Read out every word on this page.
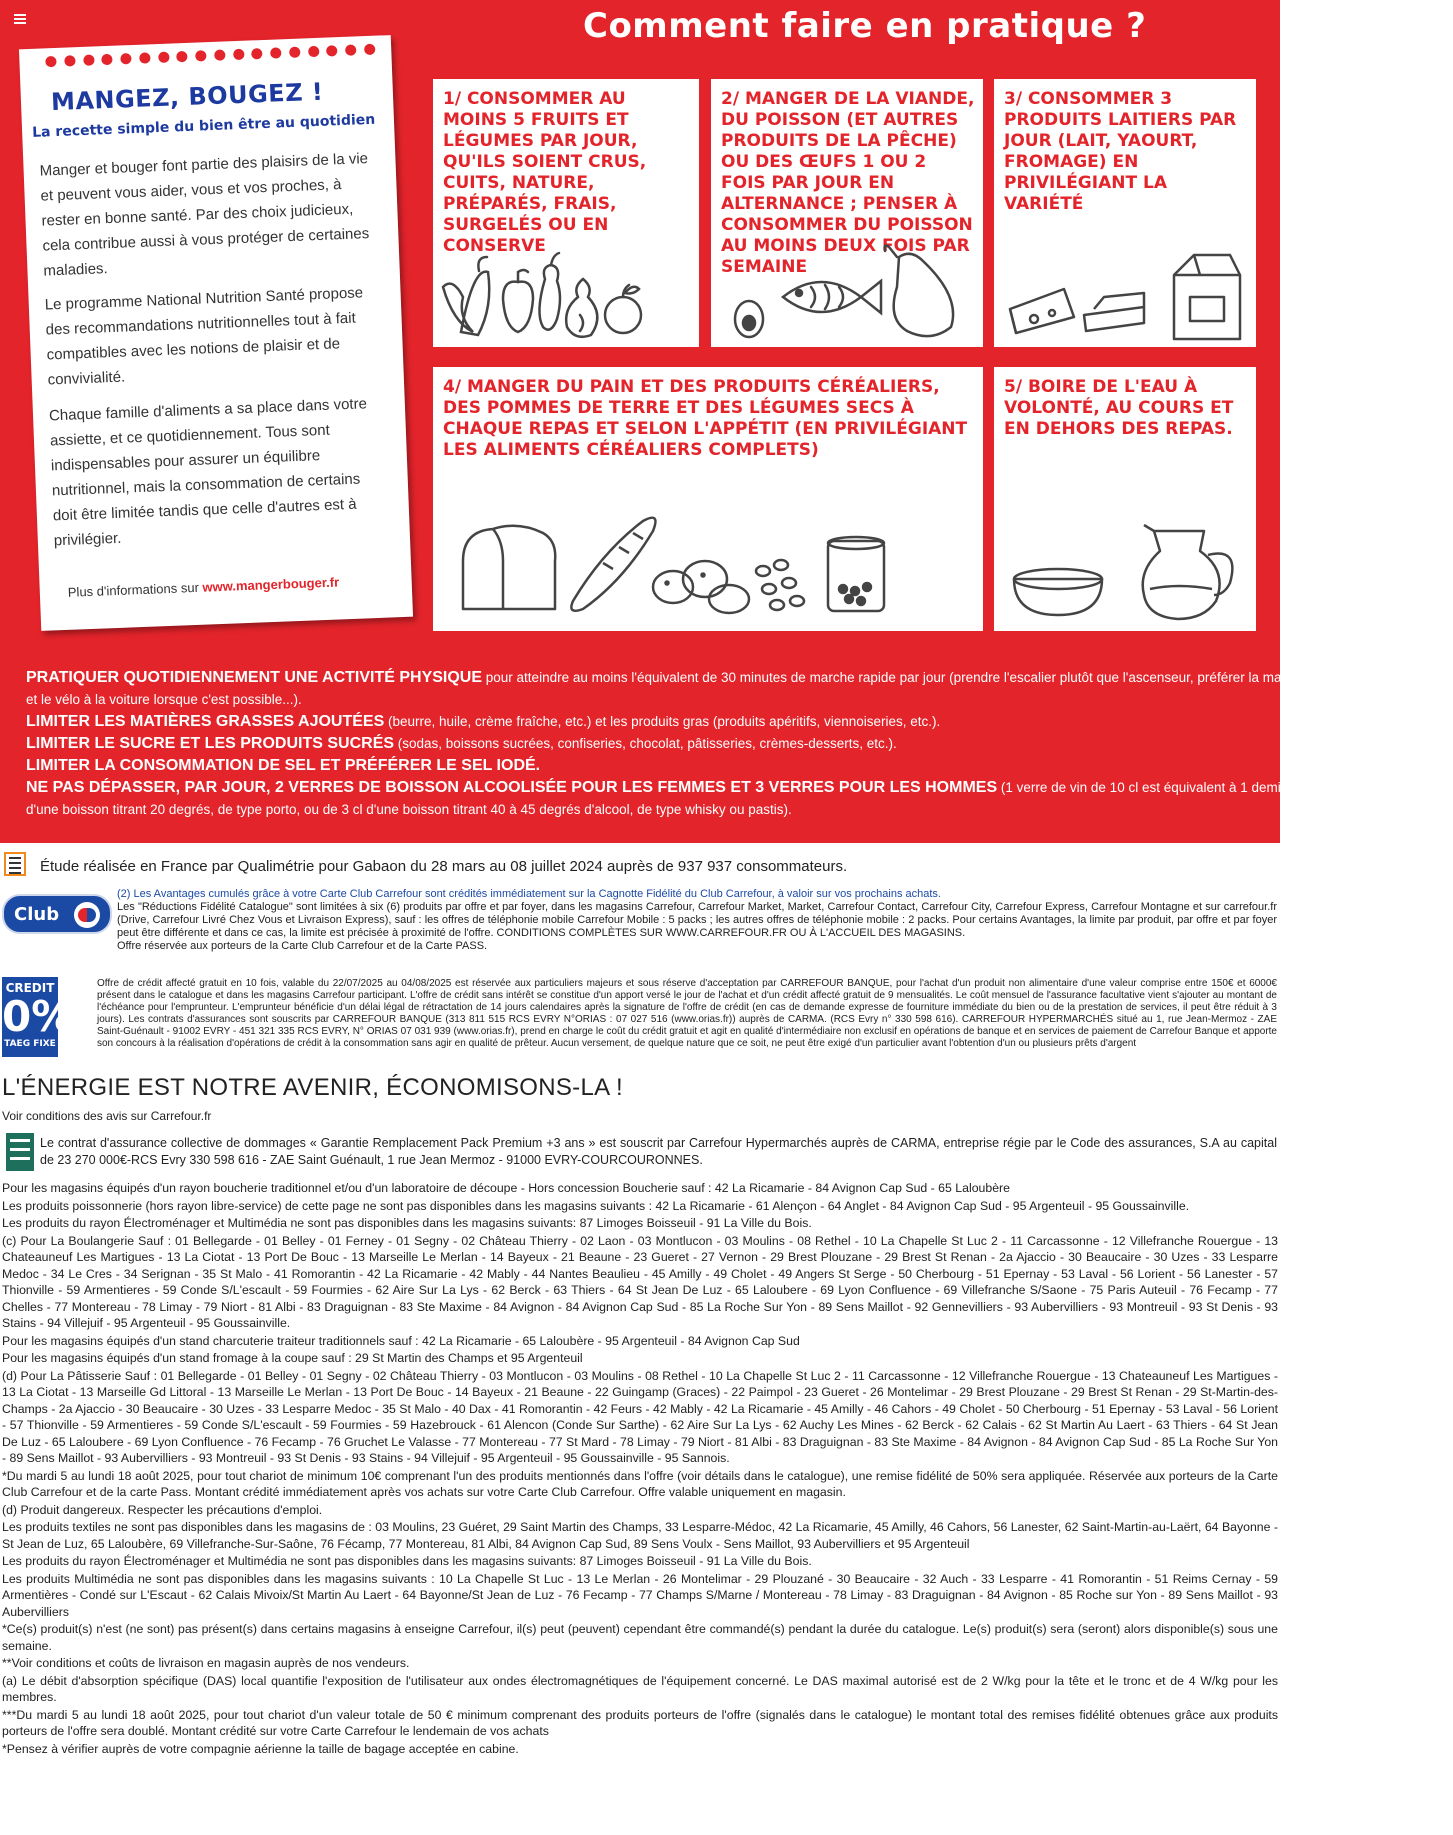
Comment faire en pratique ?
MANGEZ, BOUGEZ !
La recette simple du bien être au quotidien

Manger et bouger font partie des plaisirs de la vie et peuvent vous aider, vous et vos proches, à rester en bonne santé. Par des choix judicieux, cela contribue aussi à vous protéger de certaines maladies.

Le programme National Nutrition Santé propose des recommandations nutritionnelles tout à fait compatibles avec les notions de plaisir et de convivialité.

Chaque famille d'aliments a sa place dans votre assiette, et ce quotidiennement. Tous sont indispensables pour assurer un équilibre nutritionnel, mais la consommation de certains doit être limitée tandis que celle d'autres est à privilégier.

Plus d'informations sur www.mangerbouger.fr
1/ CONSOMMER AU MOINS 5 FRUITS ET LÉGUMES PAR JOUR, QU'ILS SOIENT CRUS, CUITS, NATURE, PRÉPARÉS, FRAIS, SURGELÉS OU EN CONSERVE
2/ MANGER DE LA VIANDE, DU POISSON (ET AUTRES PRODUITS DE LA PÊCHE) OU DES ŒUFS 1 OU 2 FOIS PAR JOUR EN ALTERNANCE ; PENSER À CONSOMMER DU POISSON AU MOINS DEUX FOIS PAR SEMAINE
3/ CONSOMMER 3 PRODUITS LAITIERS PAR JOUR (LAIT, YAOURT, FROMAGE) EN PRIVILÉGIANT LA VARIÉTÉ
4/ MANGER DU PAIN ET DES PRODUITS CÉRÉALIERS, DES POMMES DE TERRE ET DES LÉGUMES SECS À CHAQUE REPAS ET SELON L'APPÉTIT (EN PRIVILÉGIANT LES ALIMENTS CÉRÉALIERS COMPLETS)
5/ BOIRE DE L'EAU À VOLONTÉ, AU COURS ET EN DEHORS DES REPAS.
PRATIQUER QUOTIDIENNEMENT UNE ACTIVITÉ PHYSIQUE pour atteindre au moins l'équivalent de 30 minutes de marche rapide par jour (prendre l'escalier plutôt que l'ascenseur, préférer la marche
et le vélo à la voiture lorsque c'est possible...).
LIMITER LES MATIÈRES GRASSES AJOUTÉES (beurre, huile, crème fraîche, etc.) et les produits gras (produits apéritifs, viennoiseries, etc.).
LIMITER LE SUCRE ET LES PRODUITS SUCRÉS (sodas, boissons sucrées, confiseries, chocolat, pâtisseries, crèmes-desserts, etc.).
LIMITER LA CONSOMMATION DE SEL ET PRÉFÉRER LE SEL IODÉ.
NE PAS DÉPASSER, PAR JOUR, 2 VERRES DE BOISSON ALCOOLISÉE POUR LES FEMMES ET 3 VERRES POUR LES HOMMES (1 verre de vin de 10 cl est équivalent à 1 demi de bière ou à 1 verre de 6 cl
d'une boisson titrant 20 degrés, de type porto, ou de 3 cl d'une boisson titrant 40 à 45 degrés d'alcool, de type whisky ou pastis).
Étude réalisée en France par Qualimétrie pour Gabaon du 28 mars au 08 juillet 2024 auprès de 937 937 consommateurs.
Club
(2) Les Avantages cumulés grâce à votre Carte Club Carrefour sont crédités immédiatement sur la Cagnotte Fidélité du Club Carrefour, à valoir sur vos prochains achats.
Les "Réductions Fidélité Catalogue" sont limitées à six (6) produits par offre et par foyer, dans les magasins Carrefour, Carrefour Market, Market, Carrefour Contact, Carrefour City, Carrefour Express, Carrefour Montagne et sur carrefour.fr (Drive, Carrefour Livré Chez Vous et Livraison Express), sauf : les offres de téléphonie mobile Carrefour Mobile : 5 packs ; les autres offres de téléphonie mobile : 2 packs. Pour certains Avantages, la limite par produit, par offre et par foyer peut être différente et dans ce cas, la limite est précisée à proximité de l'offre. CONDITIONS COMPLÈTES SUR WWW.CARREFOUR.FR OU À L'ACCUEIL DES MAGASINS.
Offre réservée aux porteurs de la Carte Club Carrefour et de la Carte PASS.
CREDIT
0%
TAEG FIXE
Offre de crédit affecté gratuit en 10 fois, valable du 22/07/2025 au 04/08/2025 est réservée aux particuliers majeurs et sous réserve d'acceptation par CARREFOUR BANQUE, pour l'achat d'un produit non alimentaire d'une valeur comprise entre 150€ et 6000€ présent dans le catalogue et dans les magasins Carrefour participant. L'offre de crédit sans intérêt se constitue d'un apport versé le jour de l'achat et d'un crédit affecté gratuit de 9 mensualités. Le coût mensuel de l'assurance facultative vient s'ajouter au montant de l'échéance pour l'emprunteur. L'emprunteur bénéficie d'un délai légal de rétractation de 14 jours calendaires après la signature de l'offre de crédit (en cas de demande expresse de fourniture immédiate du bien ou de la prestation de services, il peut être réduit à 3 jours). Les contrats d'assurances sont souscrits par CARREFOUR BANQUE (313 811 515 RCS EVRY N°ORIAS : 07 027 516 (www.orias.fr)) auprès de CARMA. (RCS Evry n° 330 598 616). CARREFOUR HYPERMARCHÉS situé au 1, rue Jean-Mermoz - ZAE Saint-Guénault - 91002 EVRY - 451 321 335 RCS EVRY, N° ORIAS 07 031 939 (www.orias.fr), prend en charge le coût du crédit gratuit et agit en qualité d'intermédiaire non exclusif en opérations de banque et en services de paiement de Carrefour Banque et apporte son concours à la réalisation d'opérations de crédit à la consommation sans agir en qualité de prêteur. Aucun versement, de quelque nature que ce soit, ne peut être exigé d'un particulier avant l'obtention d'un ou plusieurs prêts d'argent
L'ÉNERGIE EST NOTRE AVENIR, ÉCONOMISONS-LA !
Voir conditions des avis sur Carrefour.fr
Le contrat d'assurance collective de dommages « Garantie Remplacement Pack Premium +3 ans » est souscrit par Carrefour Hypermarchés auprès de CARMA, entreprise régie par le Code des assurances, S.A au capital de 23 270 000€-RCS Evry 330 598 616 - ZAE Saint Guénault, 1 rue Jean Mermoz - 91000 EVRY-COURCOURONNES.

Pour les magasins équipés d'un rayon boucherie traditionnel et/ou d'un laboratoire de découpe - Hors concession Boucherie sauf : 42 La Ricamarie - 84 Avignon Cap Sud - 65 Laloubère

Les produits poissonnerie (hors rayon libre-service) de cette page ne sont pas disponibles dans les magasins suivants : 42 La Ricamarie - 61 Alençon - 64 Anglet - 84 Avignon Cap Sud - 95 Argenteuil - 95 Goussainville.

Les produits du rayon Électroménager et Multimédia ne sont pas disponibles dans les magasins suivants: 87 Limoges Boisseuil - 91 La Ville du Bois.

(c) Pour La Boulangerie Sauf : 01 Bellegarde - 01 Belley - 01 Ferney - 01 Segny - 02 Château Thierry - 02 Laon - 03 Montlucon - 03 Moulins - 08 Rethel - 10 La Chapelle St Luc 2 - 11 Carcassonne - 12 Villefranche Rouergue - 13 Chateauneuf Les Martigues - 13 La Ciotat - 13 Port De Bouc - 13 Marseille Le Merlan - 14 Bayeux - 21 Beaune - 23 Gueret - 27 Vernon - 29 Brest Plouzane - 29 Brest St Renan - 2a Ajaccio - 30 Beaucaire - 30 Uzes - 33 Lesparre Medoc - 34 Le Cres - 34 Serignan - 35 St Malo - 41 Romorantin - 42 La Ricamarie - 42 Mably - 44 Nantes Beaulieu - 45 Amilly - 49 Cholet - 49 Angers St Serge - 50 Cherbourg - 51 Epernay - 53 Laval - 56 Lorient - 56 Lanester - 57 Thionville - 59 Armentieres - 59 Conde S/L'escault - 59 Fourmies - 62 Aire Sur La Lys - 62 Berck - 63 Thiers - 64 St Jean De Luz - 65 Laloubere - 69 Lyon Confluence - 69 Villefranche S/Saone - 75 Paris Auteuil - 76 Fecamp - 77 Chelles - 77 Montereau - 78 Limay - 79 Niort - 81 Albi - 83 Draguignan - 83 Ste Maxime - 84 Avignon - 84 Avignon Cap Sud - 85 La Roche Sur Yon - 89 Sens Maillot - 92 Gennevilliers - 93 Aubervilliers - 93 Montreuil - 93 St Denis - 93 Stains - 94 Villejuif - 95 Argenteuil - 95 Goussainville.

Pour les magasins équipés d'un stand charcuterie traiteur traditionnels sauf : 42 La Ricamarie - 65 Laloubère - 95 Argenteuil - 84 Avignon Cap Sud

Pour les magasins équipés d'un stand fromage à la coupe sauf : 29 St Martin des Champs et 95 Argenteuil

(d) Pour La Pâtisserie Sauf : 01 Bellegarde - 01 Belley - 01 Segny - 02 Château Thierry - 03 Montlucon - 03 Moulins - 08 Rethel - 10 La Chapelle St Luc 2 - 11 Carcassonne - 12 Villefranche Rouergue - 13 Chateauneuf Les Martigues - 13 La Ciotat - 13 Marseille Gd Littoral - 13 Marseille Le Merlan - 13 Port De Bouc - 14 Bayeux - 21 Beaune - 22 Guingamp (Graces) - 22 Paimpol - 23 Gueret - 26 Montelimar - 29 Brest Plouzane - 29 Brest St Renan - 29 St-Martin-des-Champs - 2a Ajaccio - 30 Beaucaire - 30 Uzes - 33 Lesparre Medoc - 35 St Malo - 40 Dax - 41 Romorantin - 42 Feurs - 42 Mably - 42 La Ricamarie - 45 Amilly - 46 Cahors - 49 Cholet - 50 Cherbourg - 51 Epernay - 53 Laval - 56 Lorient - 57 Thionville - 59 Armentieres - 59 Conde S/L'escault - 59 Fourmies - 59 Hazebrouck - 61 Alencon (Conde Sur Sarthe) - 62 Aire Sur La Lys - 62 Auchy Les Mines - 62 Berck - 62 Calais - 62 St Martin Au Laert - 63 Thiers - 64 St Jean De Luz - 65 Laloubere - 69 Lyon Confluence - 76 Fecamp - 76 Gruchet Le Valasse - 77 Montereau - 77 St Mard - 78 Limay - 79 Niort - 81 Albi - 83 Draguignan - 83 Ste Maxime - 84 Avignon - 84 Avignon Cap Sud - 85 La Roche Sur Yon - 89 Sens Maillot - 93 Aubervilliers - 93 Montreuil - 93 St Denis - 93 Stains - 94 Villejuif - 95 Argenteuil - 95 Goussainville - 95 Sannois.

*Du mardi 5 au lundi 18 août 2025, pour tout chariot de minimum 10€ comprenant l'un des produits mentionnés dans l'offre (voir détails dans le catalogue), une remise fidélité de 50% sera appliquée. Réservée aux porteurs de la Carte Club Carrefour et de la carte Pass. Montant crédité immédiatement après vos achats sur votre Carte Club Carrefour. Offre valable uniquement en magasin.

(d) Produit dangereux. Respecter les précautions d'emploi.

Les produits textiles ne sont pas disponibles dans les magasins de : 03 Moulins, 23 Guéret, 29 Saint Martin des Champs, 33 Lesparre-Médoc, 42 La Ricamarie, 45 Amilly, 46 Cahors, 56 Lanester, 62 Saint-Martin-au-Laërt, 64 Bayonne - St Jean de Luz, 65 Laloubère, 69 Villefranche-Sur-Saône, 76 Fécamp, 77 Montereau, 81 Albi, 84 Avignon Cap Sud, 89 Sens Voulx - Sens Maillot, 93 Aubervilliers et 95 Argenteuil

Les produits du rayon Électroménager et Multimédia ne sont pas disponibles dans les magasins suivants: 87 Limoges Boisseuil - 91 La Ville du Bois.

Les produits Multimédia ne sont pas disponibles dans les magasins suivants : 10 La Chapelle St Luc - 13 Le Merlan - 26 Montelimar - 29 Plouzané - 30 Beaucaire - 32 Auch - 33 Lesparre - 41 Romorantin - 51 Reims Cernay - 59 Armentières - Condé sur L'Escaut - 62 Calais Mivoix/St Martin Au Laert - 64 Bayonne/St Jean de Luz - 76 Fecamp - 77 Champs S/Marne / Montereau - 78 Limay - 83 Draguignan - 84 Avignon - 85 Roche sur Yon - 89 Sens Maillot - 93 Aubervilliers

*Ce(s) produit(s) n'est (ne sont) pas présent(s) dans certains magasins à enseigne Carrefour, il(s) peut (peuvent) cependant être commandé(s) pendant la durée du catalogue. Le(s) produit(s) sera (seront) alors disponible(s) sous une semaine.

**Voir conditions et coûts de livraison en magasin auprès de nos vendeurs.

(a) Le débit d'absorption spécifique (DAS) local quantifie l'exposition de l'utilisateur aux ondes électromagnétiques de l'équipement concerné. Le DAS maximal autorisé est de 2 W/kg pour la tête et le tronc et de 4 W/kg pour les membres.

***Du mardi 5 au lundi 18 août 2025, pour tout chariot d'un valeur totale de 50 € minimum comprenant des produits porteurs de l'offre (signalés dans le catalogue) le montant total des remises fidélité obtenues grâce aux produits porteurs de l'offre sera doublé. Montant crédité sur votre Carte Carrefour le lendemain de vos achats

*Pensez à vérifier auprès de votre compagnie aérienne la taille de bagage acceptée en cabine.
